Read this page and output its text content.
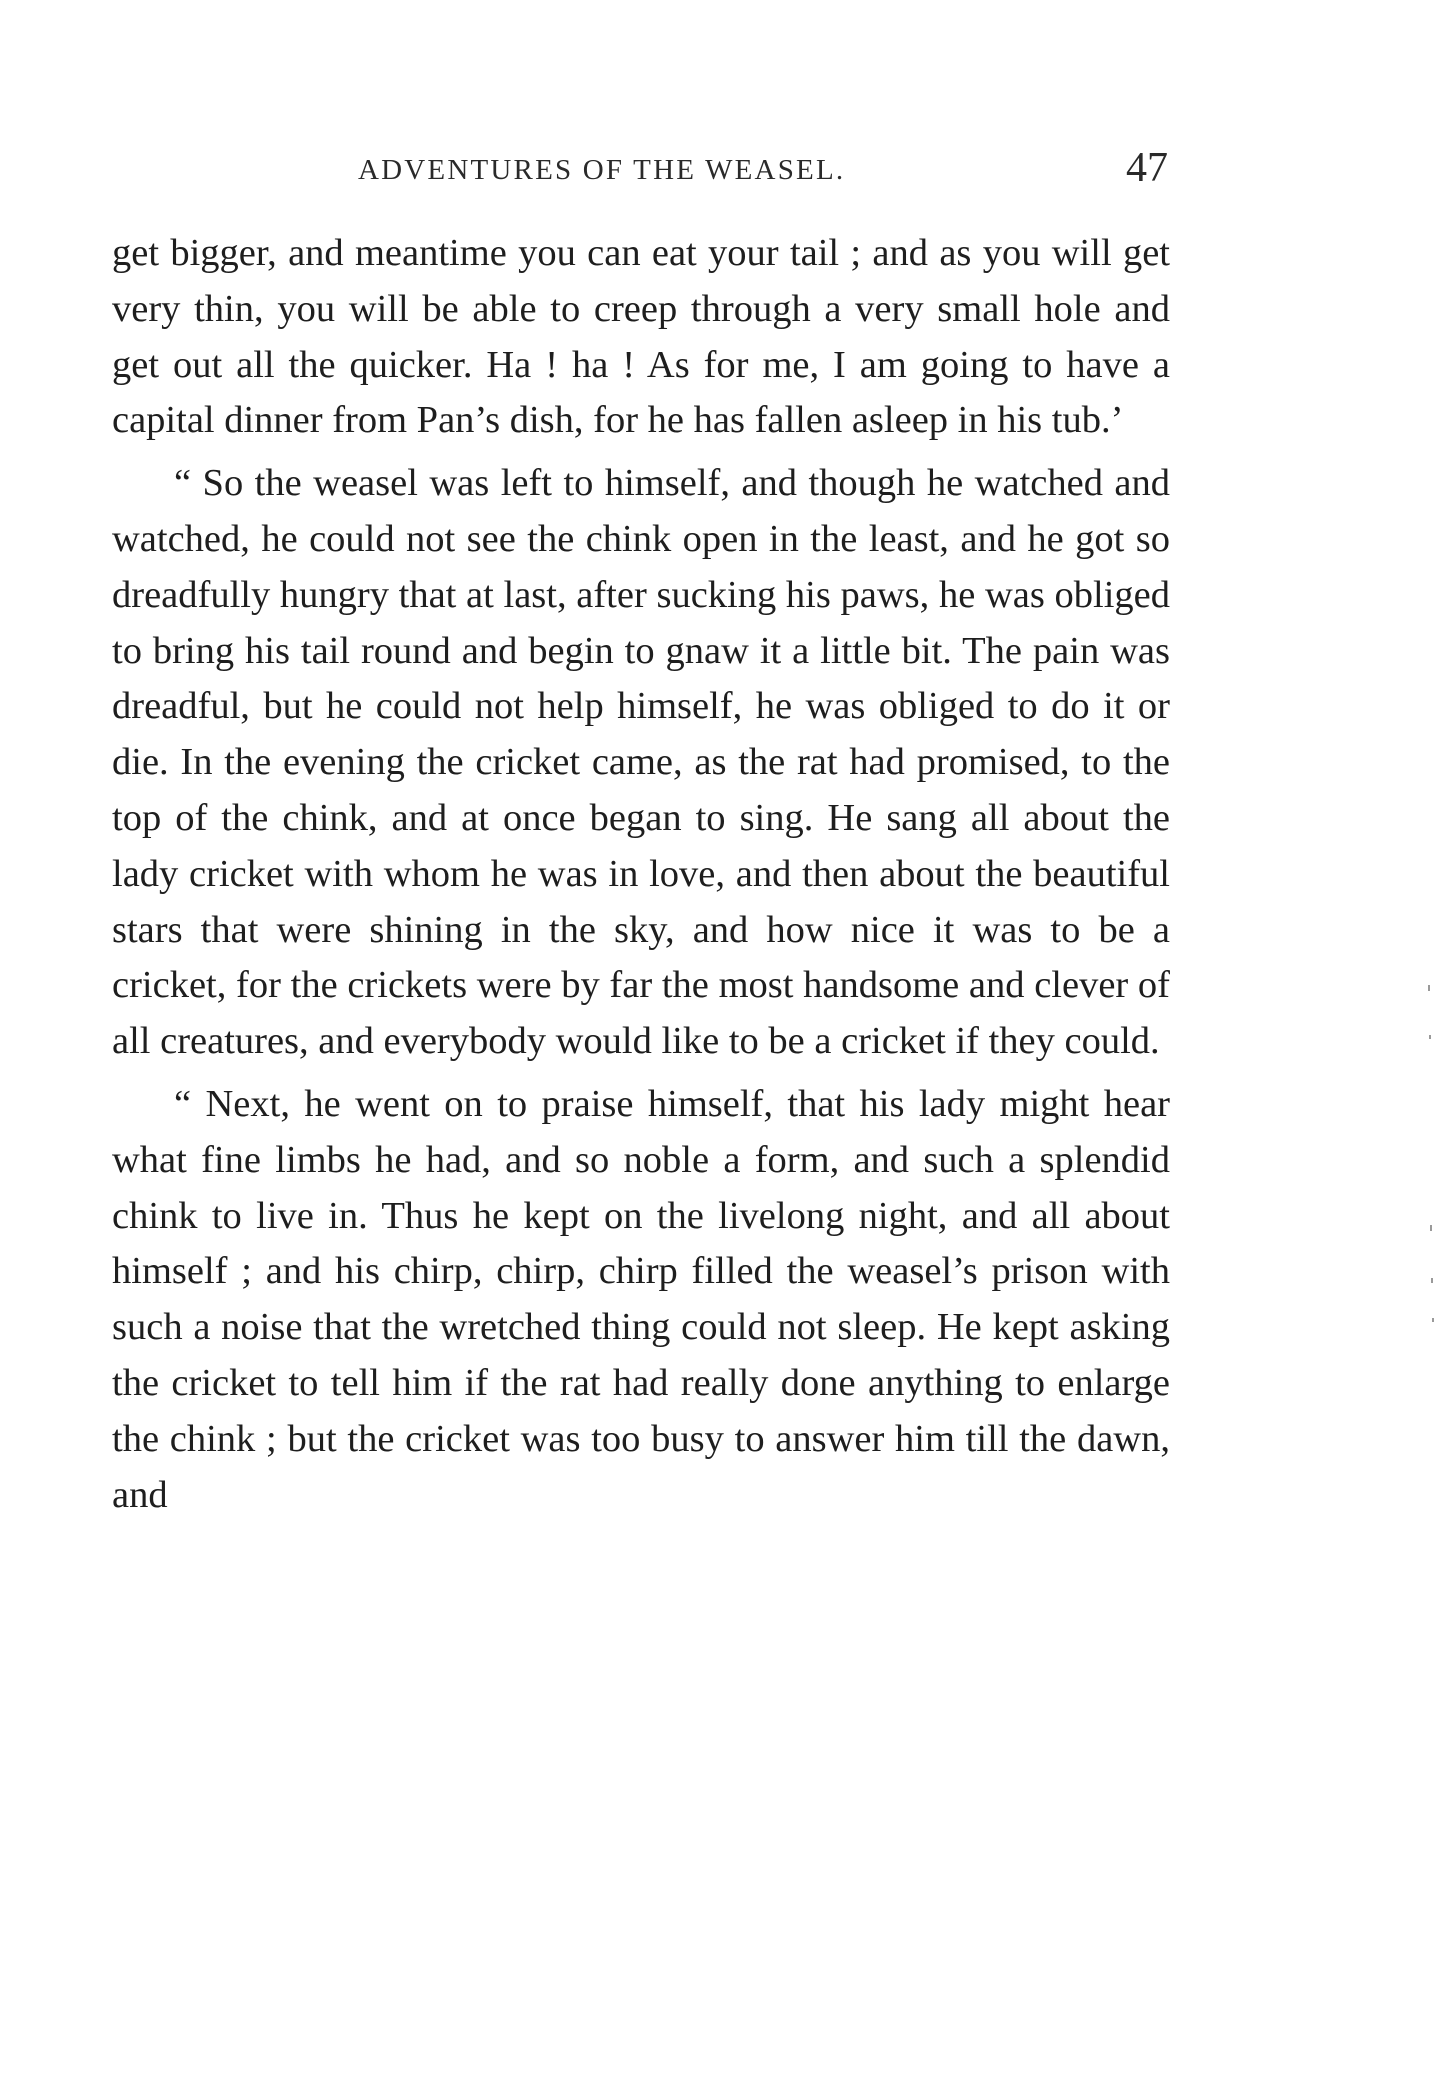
ADVENTURES OF THE WEASEL.	47

get bigger, and meantime you can eat your tail ; and as you will get very thin, you will be able to creep through a very small hole and get out all the quicker. Ha ! ha ! As for me, I am going to have a capital dinner from Pan’s dish, for he has fallen asleep in his tub.’

“ So the weasel was left to himself, and though he watched and watched, he could not see the chink open in the least, and he got so dreadfully hungry that at last, after sucking his paws, he was obliged to bring his tail round and begin to gnaw it a little bit. The pain was dreadful, but he could not help himself, he was obliged to do it or die. In the evening the cricket came, as the rat had promised, to the top of the chink, and at once began to sing. He sang all about the lady cricket with whom he was in love, and then about the beautiful stars that were shining in the sky, and how nice it was to be a cricket, for the crickets were by far the most handsome and clever of all creatures, and everybody would like to be a cricket if they could.

“ Next, he went on to praise himself, that his lady might hear what fine limbs he had, and so noble a form, and such a splendid chink to live in. Thus he kept on the livelong night, and all about himself ; and his chirp, chirp, chirp filled the weasel’s prison with such a noise that the wretched thing could not sleep. He kept asking the cricket to tell him if the rat had really done anything to enlarge the chink ; but the cricket was too busy to answer him till the dawn, and
